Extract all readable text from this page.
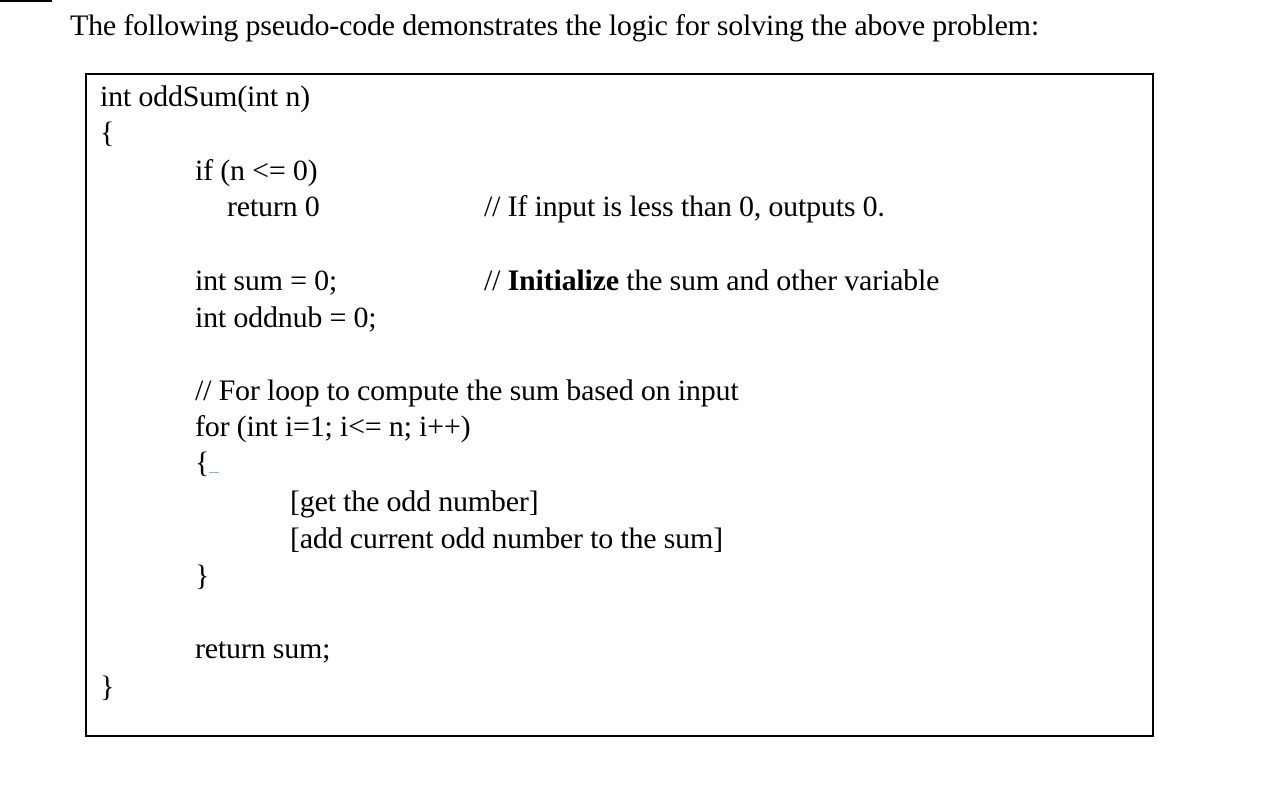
The following pseudo-code demonstrates the logic for solving the above problem:
int oddSum(int n)
{
if (n <= 0)
return 0	// If input is less than 0, outputs 0.
int sum = 0;	// Initialize the sum and other variable
int oddnub = 0;
// For loop to compute the sum based on input
for (int i=1; i<= n; i++)
{
[get the odd number]
[add current odd number to the sum]
}
return sum;
}
